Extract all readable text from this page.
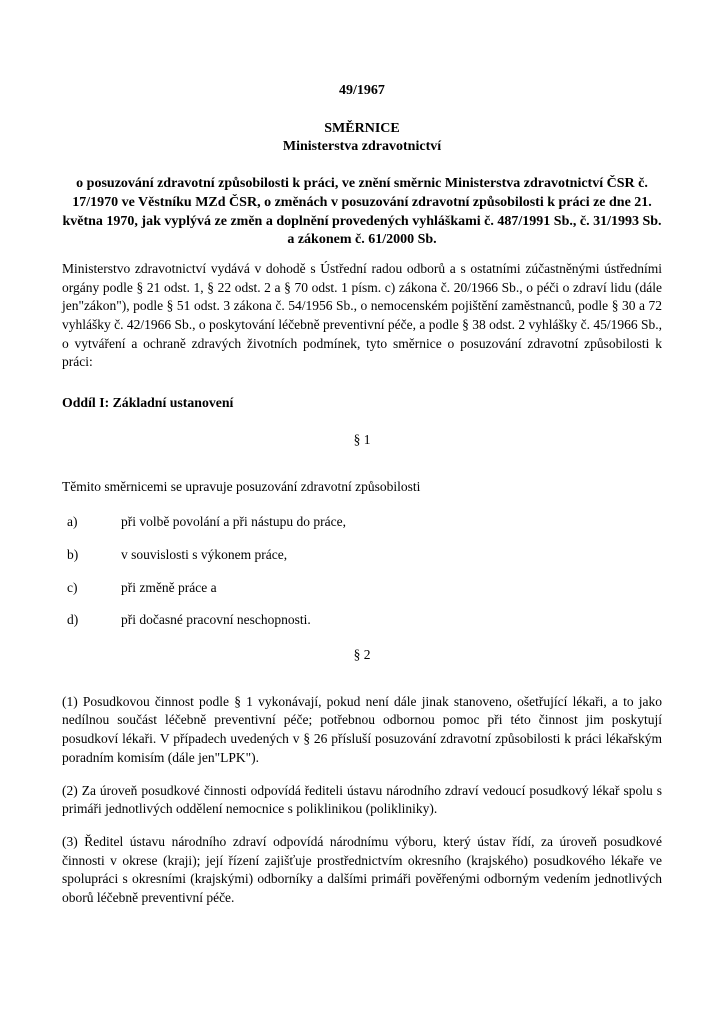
49/1967
SMĚRNICE
Ministerstva zdravotnictví
o posuzování zdravotní způsobilosti k práci, ve znění směrnic Ministerstva zdravotnictví ČSR č. 17/1970 ve Věstníku MZd ČSR, o změnách v posuzování zdravotní způsobilosti k práci ze dne 21. května 1970, jak vyplývá ze změn a doplnění provedených vyhláškami č. 487/1991 Sb., č. 31/1993 Sb. a zákonem č. 61/2000 Sb.

Ministerstvo zdravotnictví vydává v dohodě s Ústřední radou odborů a s ostatními zúčastněnými ústředními orgány podle § 21 odst. 1, § 22 odst. 2 a § 70 odst. 1 písm. c) zákona č. 20/1966 Sb., o péči o zdraví lidu (dále jen"zákon"), podle § 51 odst. 3 zákona č. 54/1956 Sb., o nemocenském pojištění zaměstnanců, podle § 30 a 72 vyhlášky č. 42/1966 Sb., o poskytování léčebně preventivní péče, a podle § 38 odst. 2 vyhlášky č. 45/1966 Sb., o vytváření a ochraně zdravých životních podmínek, tyto směrnice o posuzování zdravotní způsobilosti k práci:

Oddíl I: Základní ustanovení
§ 1

Těmito směrnicemi se upravuje posuzování zdravotní způsobilosti

a)	při volbě povolání a při nástupu do práce,
b)	v souvislosti s výkonem práce,
c)	při změně práce a
d)	při dočasné pracovní neschopnosti.
§ 2

(1) Posudkovou činnost podle § 1 vykonávají, pokud není dále jinak stanoveno, ošetřující lékaři, a to jako nedílnou součást léčebně preventivní péče; potřebnou odbornou pomoc při této činnost jim poskytují posudkoví lékaři. V případech uvedených v § 26 přísluší posuzování zdravotní způsobilosti k práci lékařským poradním komisím (dále jen"LPK").

(2) Za úroveň posudkové činnosti odpovídá řediteli ústavu národního zdraví vedoucí posudkový lékař spolu s primáři jednotlivých oddělení nemocnice s poliklinikou (polikliniky).

(3) Ředitel ústavu národního zdraví odpovídá národnímu výboru, který ústav řídí, za úroveň posudkové činnosti v okrese (kraji); její řízení zajišťuje prostřednictvím okresního (krajského) posudkového lékaře ve spolupráci s okresními (krajskými) odborníky a dalšími primáři pověřenými odborným vedením jednotlivých oborů léčebně preventivní péče.
